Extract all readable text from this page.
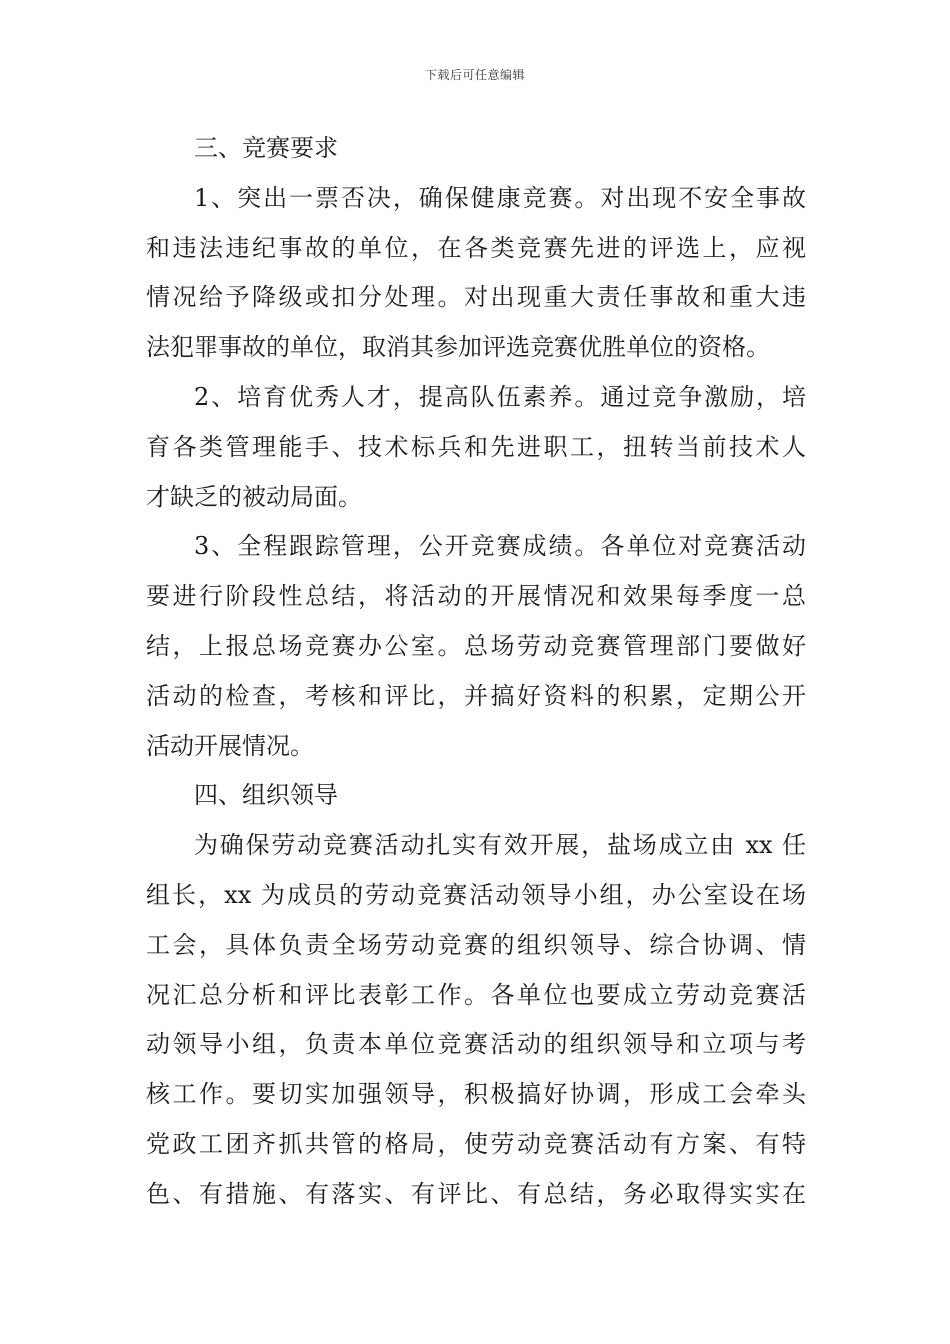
下载后可任意编辑
三、竞赛要求
1、突出一票否决，确保健康竞赛。对出现不安全事故
和违法违纪事故的单位，在各类竞赛先进的评选上，应视
情况给予降级或扣分处理。对出现重大责任事故和重大违
法犯罪事故的单位，取消其参加评选竞赛优胜单位的资格。
2、培育优秀人才，提高队伍素养。通过竞争激励，培
育各类管理能手、技术标兵和先进职工，扭转当前技术人
才缺乏的被动局面。
3、全程跟踪管理，公开竞赛成绩。各单位对竞赛活动
要进行阶段性总结，将活动的开展情况和效果每季度一总
结，上报总场竞赛办公室。总场劳动竞赛管理部门要做好
活动的检查，考核和评比，并搞好资料的积累，定期公开
活动开展情况。
四、组织领导
为确保劳动竞赛活动扎实有效开展，盐场成立由 xx 任
组长，xx 为成员的劳动竞赛活动领导小组，办公室设在场
工会，具体负责全场劳动竞赛的组织领导、综合协调、情
况汇总分析和评比表彰工作。各单位也要成立劳动竞赛活
动领导小组，负责本单位竞赛活动的组织领导和立项与考
核工作。要切实加强领导，积极搞好协调，形成工会牵头
党政工团齐抓共管的格局，使劳动竞赛活动有方案、有特
色、有措施、有落实、有评比、有总结，务必取得实实在
